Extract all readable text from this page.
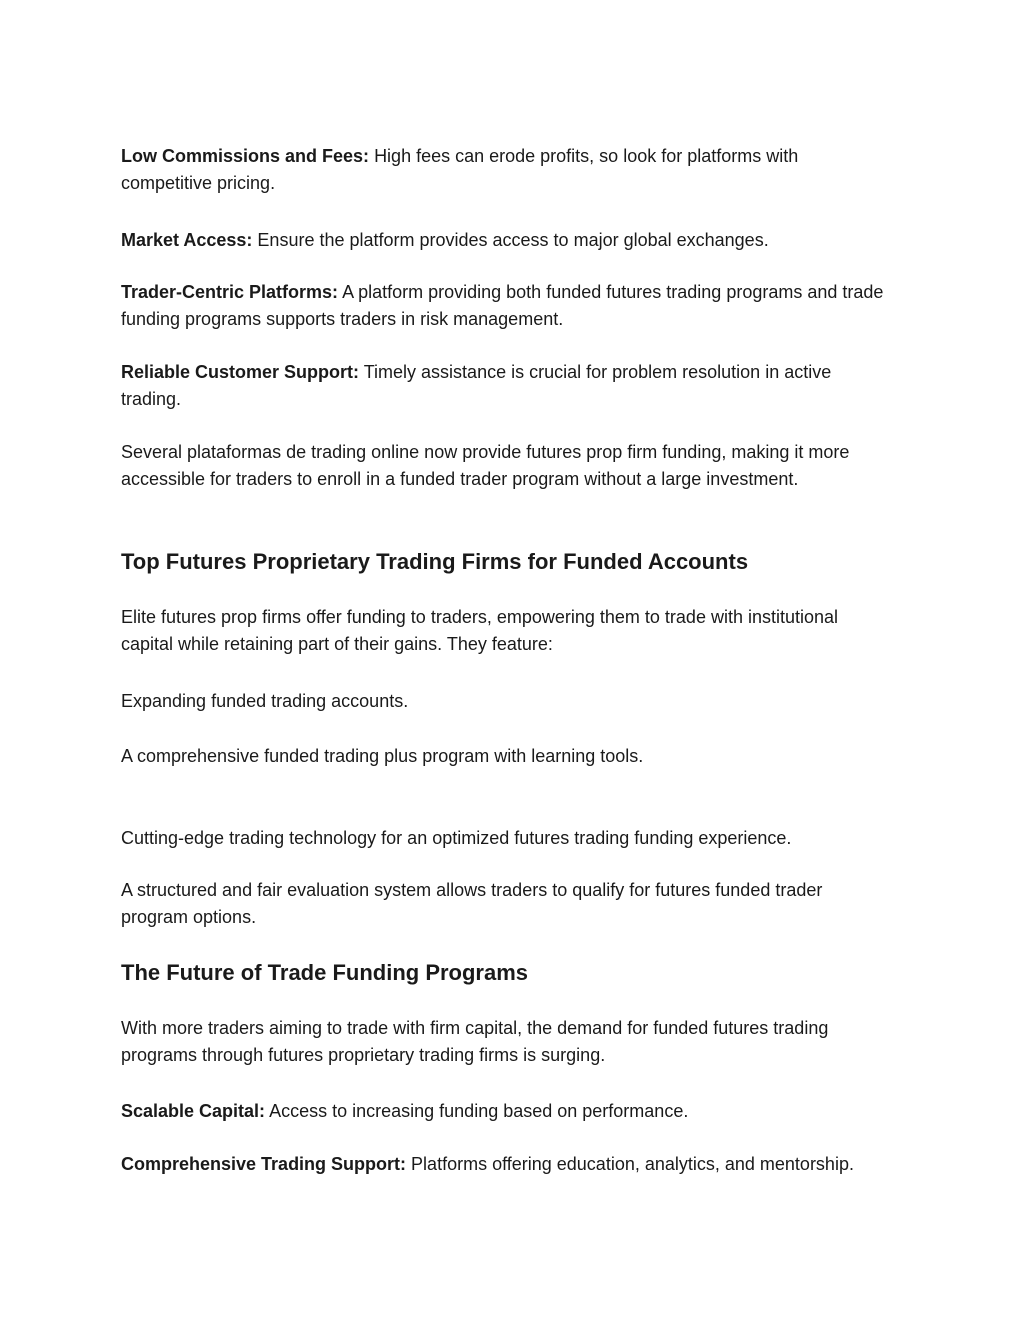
Low Commissions and Fees: High fees can erode profits, so look for platforms with competitive pricing.

Market Access: Ensure the platform provides access to major global exchanges.

Trader-Centric Platforms: A platform providing both funded futures trading programs and trade funding programs supports traders in risk management.

Reliable Customer Support: Timely assistance is crucial for problem resolution in active trading.

Several plataformas de trading online now provide futures prop firm funding, making it more accessible for traders to enroll in a funded trader program without a large investment.

Top Futures Proprietary Trading Firms for Funded Accounts

Elite futures prop firms offer funding to traders, empowering them to trade with institutional capital while retaining part of their gains. They feature:

Expanding funded trading accounts.

A comprehensive funded trading plus program with learning tools.

Cutting-edge trading technology for an optimized futures trading funding experience.

A structured and fair evaluation system allows traders to qualify for futures funded trader program options.

The Future of Trade Funding Programs

With more traders aiming to trade with firm capital, the demand for funded futures trading programs through futures proprietary trading firms is surging.

Scalable Capital: Access to increasing funding based on performance.

Comprehensive Trading Support: Platforms offering education, analytics, and mentorship.
